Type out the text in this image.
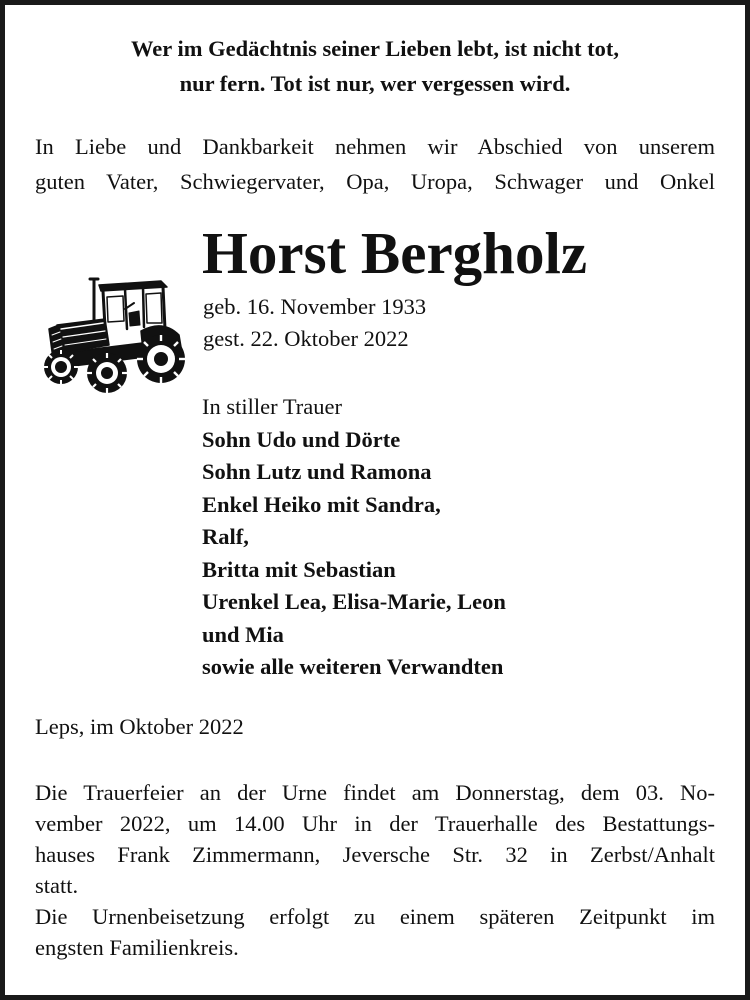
Wer im Gedächtnis seiner Lieben lebt, ist nicht tot,
nur fern. Tot ist nur, wer vergessen wird.
In Liebe und Dankbarkeit nehmen wir Abschied von unserem
guten Vater, Schwiegervater, Opa, Uropa, Schwager und Onkel
Horst Bergholz
geb. 16. November 1933
gest. 22. Oktober 2022
In stiller Trauer
Sohn Udo und Dörte
Sohn Lutz und Ramona
Enkel Heiko mit Sandra,
Ralf,
Britta mit Sebastian
Urenkel Lea, Elisa-Marie, Leon
und Mia
sowie alle weiteren Verwandten
Leps, im Oktober 2022
Die Trauerfeier an der Urne findet am Donnerstag, dem 03. No-
vember 2022, um 14.00 Uhr in der Trauerhalle des Bestattungs-
hauses Frank Zimmermann, Jeversche Str. 32 in Zerbst/Anhalt
statt.
Die Urnenbeisetzung erfolgt zu einem späteren Zeitpunkt im
engsten Familienkreis.
